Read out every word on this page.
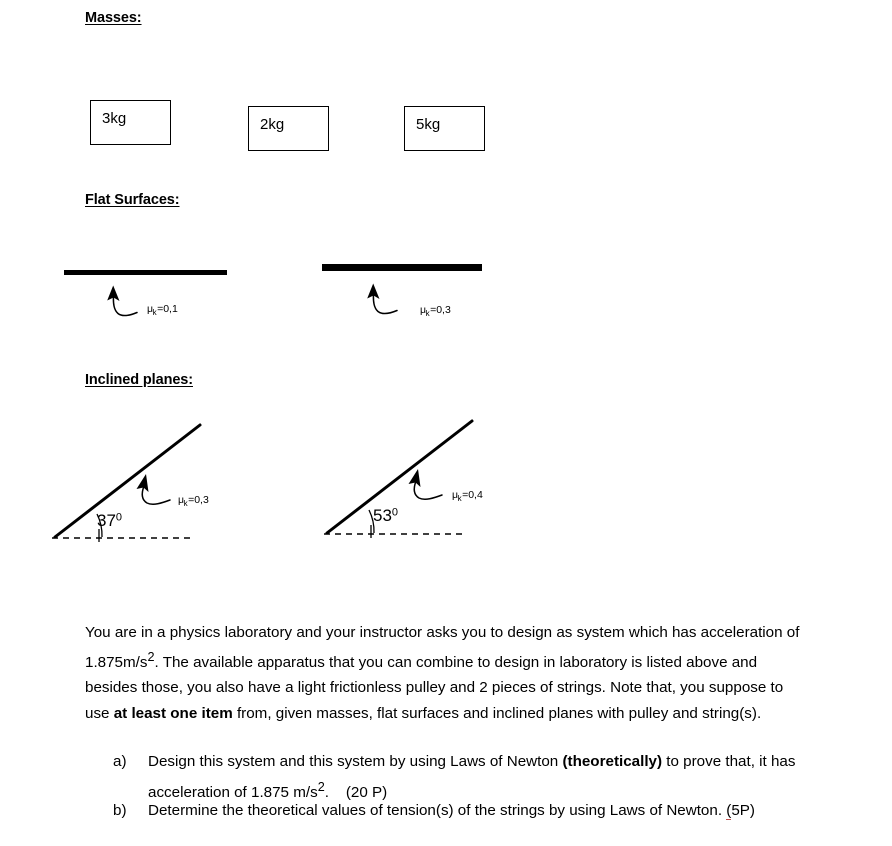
Masses:
3kg	2kg	5kg
Flat Surfaces:
$\mu_k=0,1$	$\mu_k=0,3$
Inclined planes:
$37^0$
$\mu_k=0,3$
$53^0$
$\mu_k=0,4$
You are in a physics laboratory and your instructor asks you to design as system which has acceleration of $1.875m/s^2$. The available apparatus that you can combine to design in laboratory is listed above and besides those, you also have a light frictionless pulley and 2 pieces of strings. Note that, you suppose to use at least one item from, given masses, flat surfaces and inclined planes with pulley and string(s).
a)	Design this system and this system by using Laws of Newton (theoretically) to prove that, it has acceleration of 1.875 $m/s^2$.    (20 P)
b)	Determine the theoretical values of tension(s) of the strings by using Laws of Newton. (5P)
